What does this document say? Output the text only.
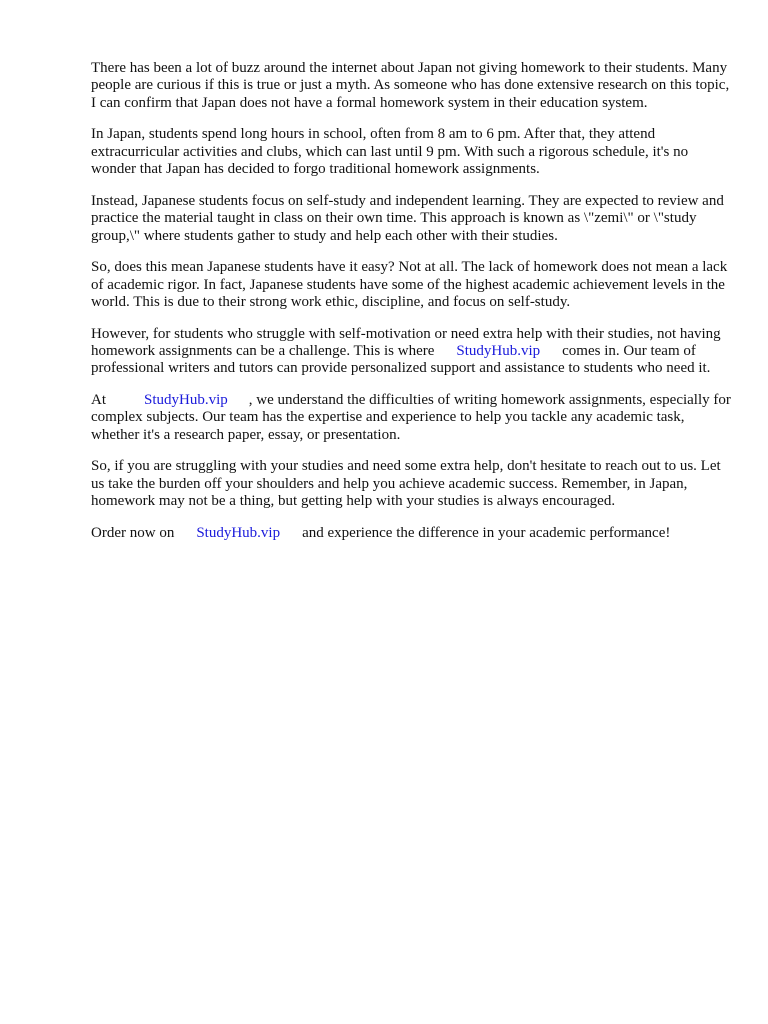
There has been a lot of buzz around the internet about Japan not giving homework to their students. Many people are curious if this is true or just a myth. As someone who has done extensive research on this topic, I can confirm that Japan does not have a formal homework system in their education system.

In Japan, students spend long hours in school, often from 8 am to 6 pm. After that, they attend extracurricular activities and clubs, which can last until 9 pm. With such a rigorous schedule, it's no wonder that Japan has decided to forgo traditional homework assignments.

Instead, Japanese students focus on self-study and independent learning. They are expected to review and practice the material taught in class on their own time. This approach is known as \"zemi\" or \"study group,\" where students gather to study and help each other with their studies.

So, does this mean Japanese students have it easy? Not at all. The lack of homework does not mean a lack of academic rigor. In fact, Japanese students have some of the highest academic achievement levels in the world. This is due to their strong work ethic, discipline, and focus on self-study.

However, for students who struggle with self-motivation or need extra help with their studies, not having homework assignments can be a challenge. This is where StudyHub.vip comes in. Our team of professional writers and tutors can provide personalized support and assistance to students who need it.

At	StudyHub.vip , we understand the difficulties of writing homework assignments, especially for complex subjects. Our team has the expertise and experience to help you tackle any academic task, whether it's a research paper, essay, or presentation.

So, if you are struggling with your studies and need some extra help, don't hesitate to reach out to us. Let us take the burden off your shoulders and help you achieve academic success. Remember, in Japan, homework may not be a thing, but getting help with your studies is always encouraged.

Order now on StudyHub.vip and experience the difference in your academic performance!
